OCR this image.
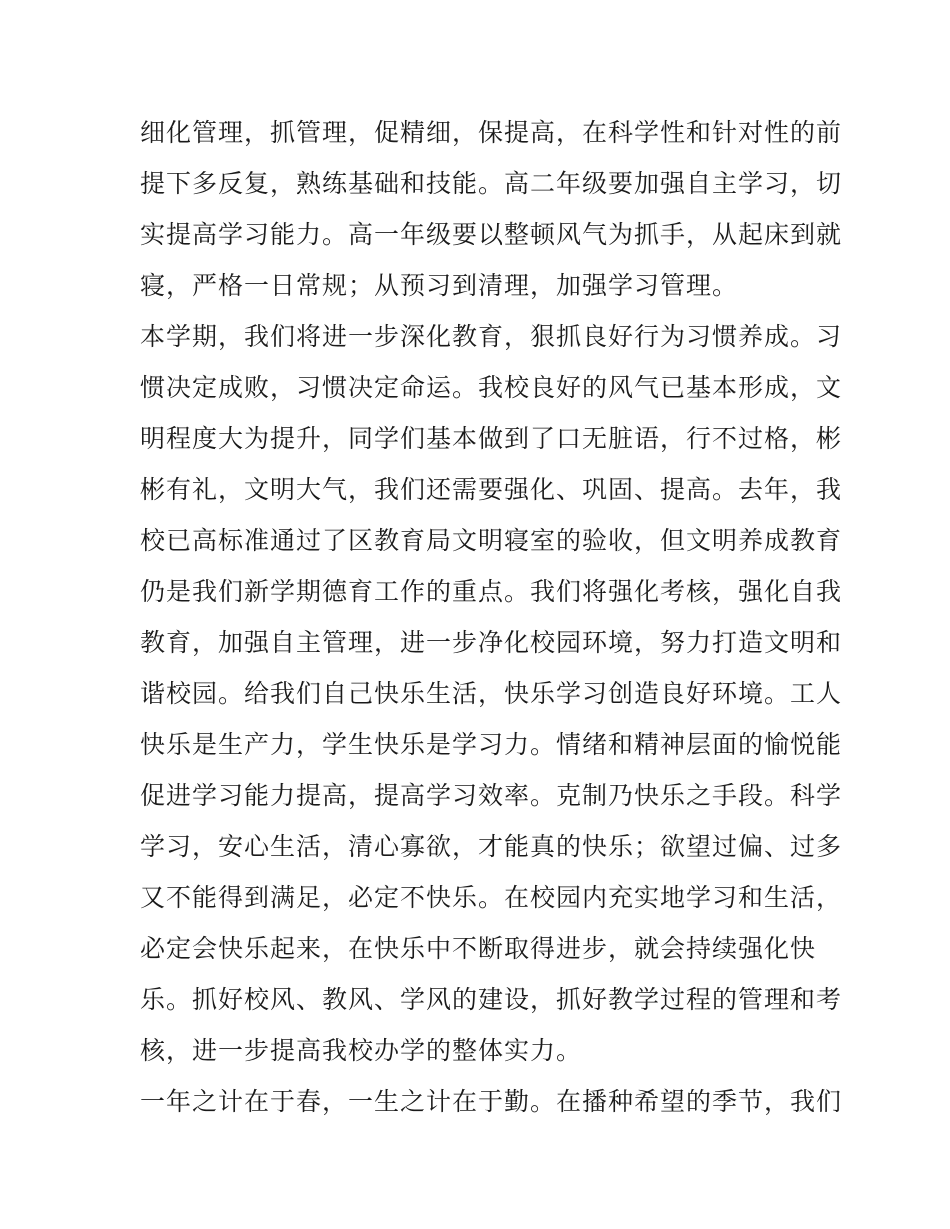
细化管理，抓管理，促精细，保提高，在科学性和针对性的前
提下多反复，熟练基础和技能。高二年级要加强自主学习，切
实提高学习能力。高一年级要以整顿风气为抓手，从起床到就
寝，严格一日常规；从预习到清理，加强学习管理。
本学期，我们将进一步深化教育，狠抓良好行为习惯养成。习
惯决定成败，习惯决定命运。我校良好的风气已基本形成，文
明程度大为提升，同学们基本做到了口无脏语，行不过格，彬
彬有礼，文明大气，我们还需要强化、巩固、提高。去年，我
校已高标准通过了区教育局文明寝室的验收，但文明养成教育
仍是我们新学期德育工作的重点。我们将强化考核，强化自我
教育，加强自主管理，进一步净化校园环境，努力打造文明和
谐校园。给我们自己快乐生活，快乐学习创造良好环境。工人
快乐是生产力，学生快乐是学习力。情绪和精神层面的愉悦能
促进学习能力提高，提高学习效率。克制乃快乐之手段。科学
学习，安心生活，清心寡欲，才能真的快乐；欲望过偏、过多
又不能得到满足，必定不快乐。在校园内充实地学习和生活，
必定会快乐起来，在快乐中不断取得进步，就会持续强化快
乐。抓好校风、教风、学风的建设，抓好教学过程的管理和考
核，进一步提高我校办学的整体实力。
一年之计在于春，一生之计在于勤。在播种希望的季节，我们
